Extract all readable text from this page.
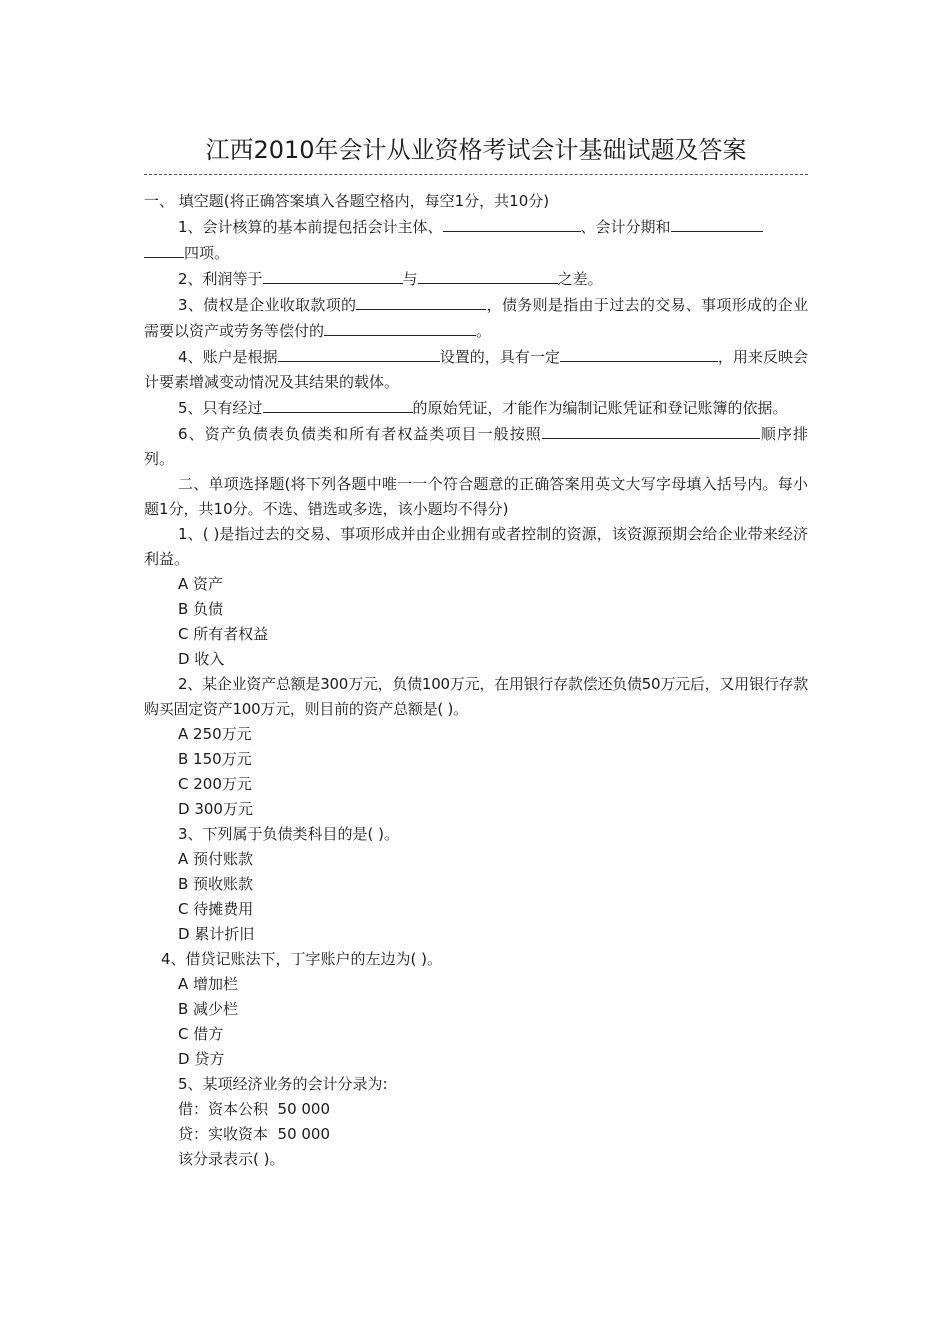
江西2010年会计从业资格考试会计基础试题及答案

一、 填空题(将正确答案填入各题空格内，每空1分，共10分)

1、会计核算的基本前提包括会计主体、	、会计分期和
四项。

2、利润等于	与	之差。

3、债权是企业收取款项的	，债务则是指由于过去的交易、事项形成的企业需要以资产或劳务等偿付的	。

4、账户是根据	设置的，具有一定	，用来反映会计要素增减变动情况及其结果的载体。

5、只有经过	的原始凭证，才能作为编制记账凭证和登记账簿的依据。

6、资产负债表负债类和所有者权益类项目一般按照	顺序排列。

二、单项选择题(将下列各题中唯一一个符合题意的正确答案用英文大写字母填入括号内。每小题1分，共10分。不选、错选或多选，该小题均不得分)

1、( )是指过去的交易、事项形成并由企业拥有或者控制的资源，该资源预期会给企业带来经济利益。

A 资产

B 负债

C 所有者权益

D 收入

2、某企业资产总额是300万元，负债100万元，在用银行存款偿还负债50万元后，又用银行存款购买固定资产100万元，则目前的资产总额是( )。

A 250万元

B 150万元

C 200万元

D 300万元

3、下列属于负债类科目的是( )。

A 预付账款

B 预收账款

C 待摊费用

D 累计折旧

4、借贷记账法下，丁字账户的左边为( )。

A 增加栏

B 减少栏

C 借方

D 贷方

5、某项经济业务的会计分录为:

借：资本公积  50 000

贷：实收资本  50 000

该分录表示( )。
